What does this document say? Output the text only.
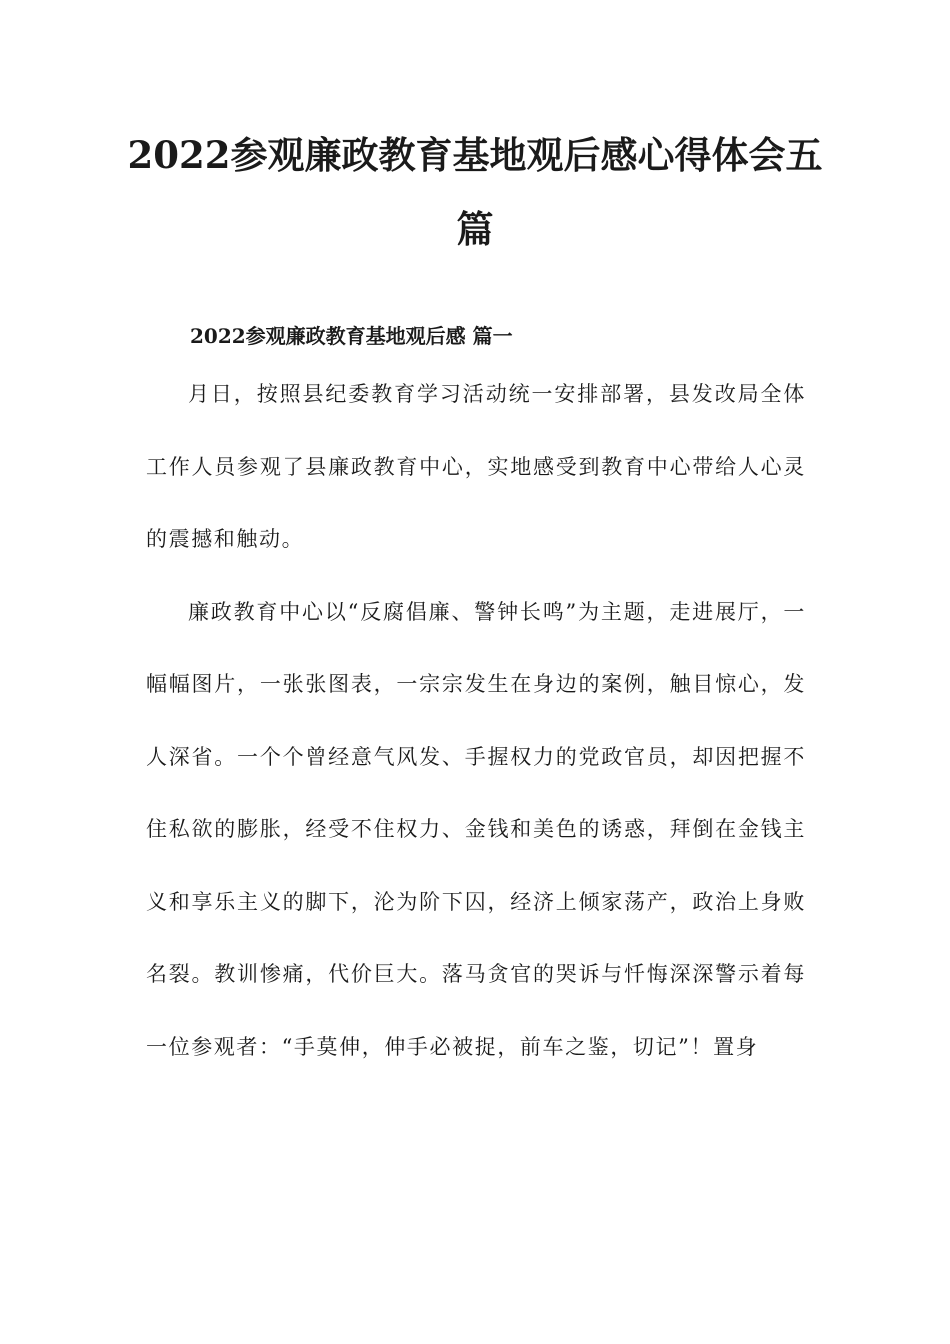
2022参观廉政教育基地观后感心得体会五篇
2022参观廉政教育基地观后感 篇一

月日，按照县纪委教育学习活动统一安排部署，县发改局全体工作人员参观了县廉政教育中心，实地感受到教育中心带给人心灵的震撼和触动。

廉政教育中心以“反腐倡廉、警钟长鸣”为主题，走进展厅，一幅幅图片，一张张图表，一宗宗发生在身边的案例，触目惊心，发人深省。一个个曾经意气风发、手握权力的党政官员，却因把握不住私欲的膨胀，经受不住权力、金钱和美色的诱惑，拜倒在金钱主义和享乐主义的脚下，沦为阶下囚，经济上倾家荡产，政治上身败名裂。教训惨痛，代价巨大。落马贪官的哭诉与忏悔深深警示着每一位参观者：“手莫伸，伸手必被捉，前车之鉴，切记”！置身
